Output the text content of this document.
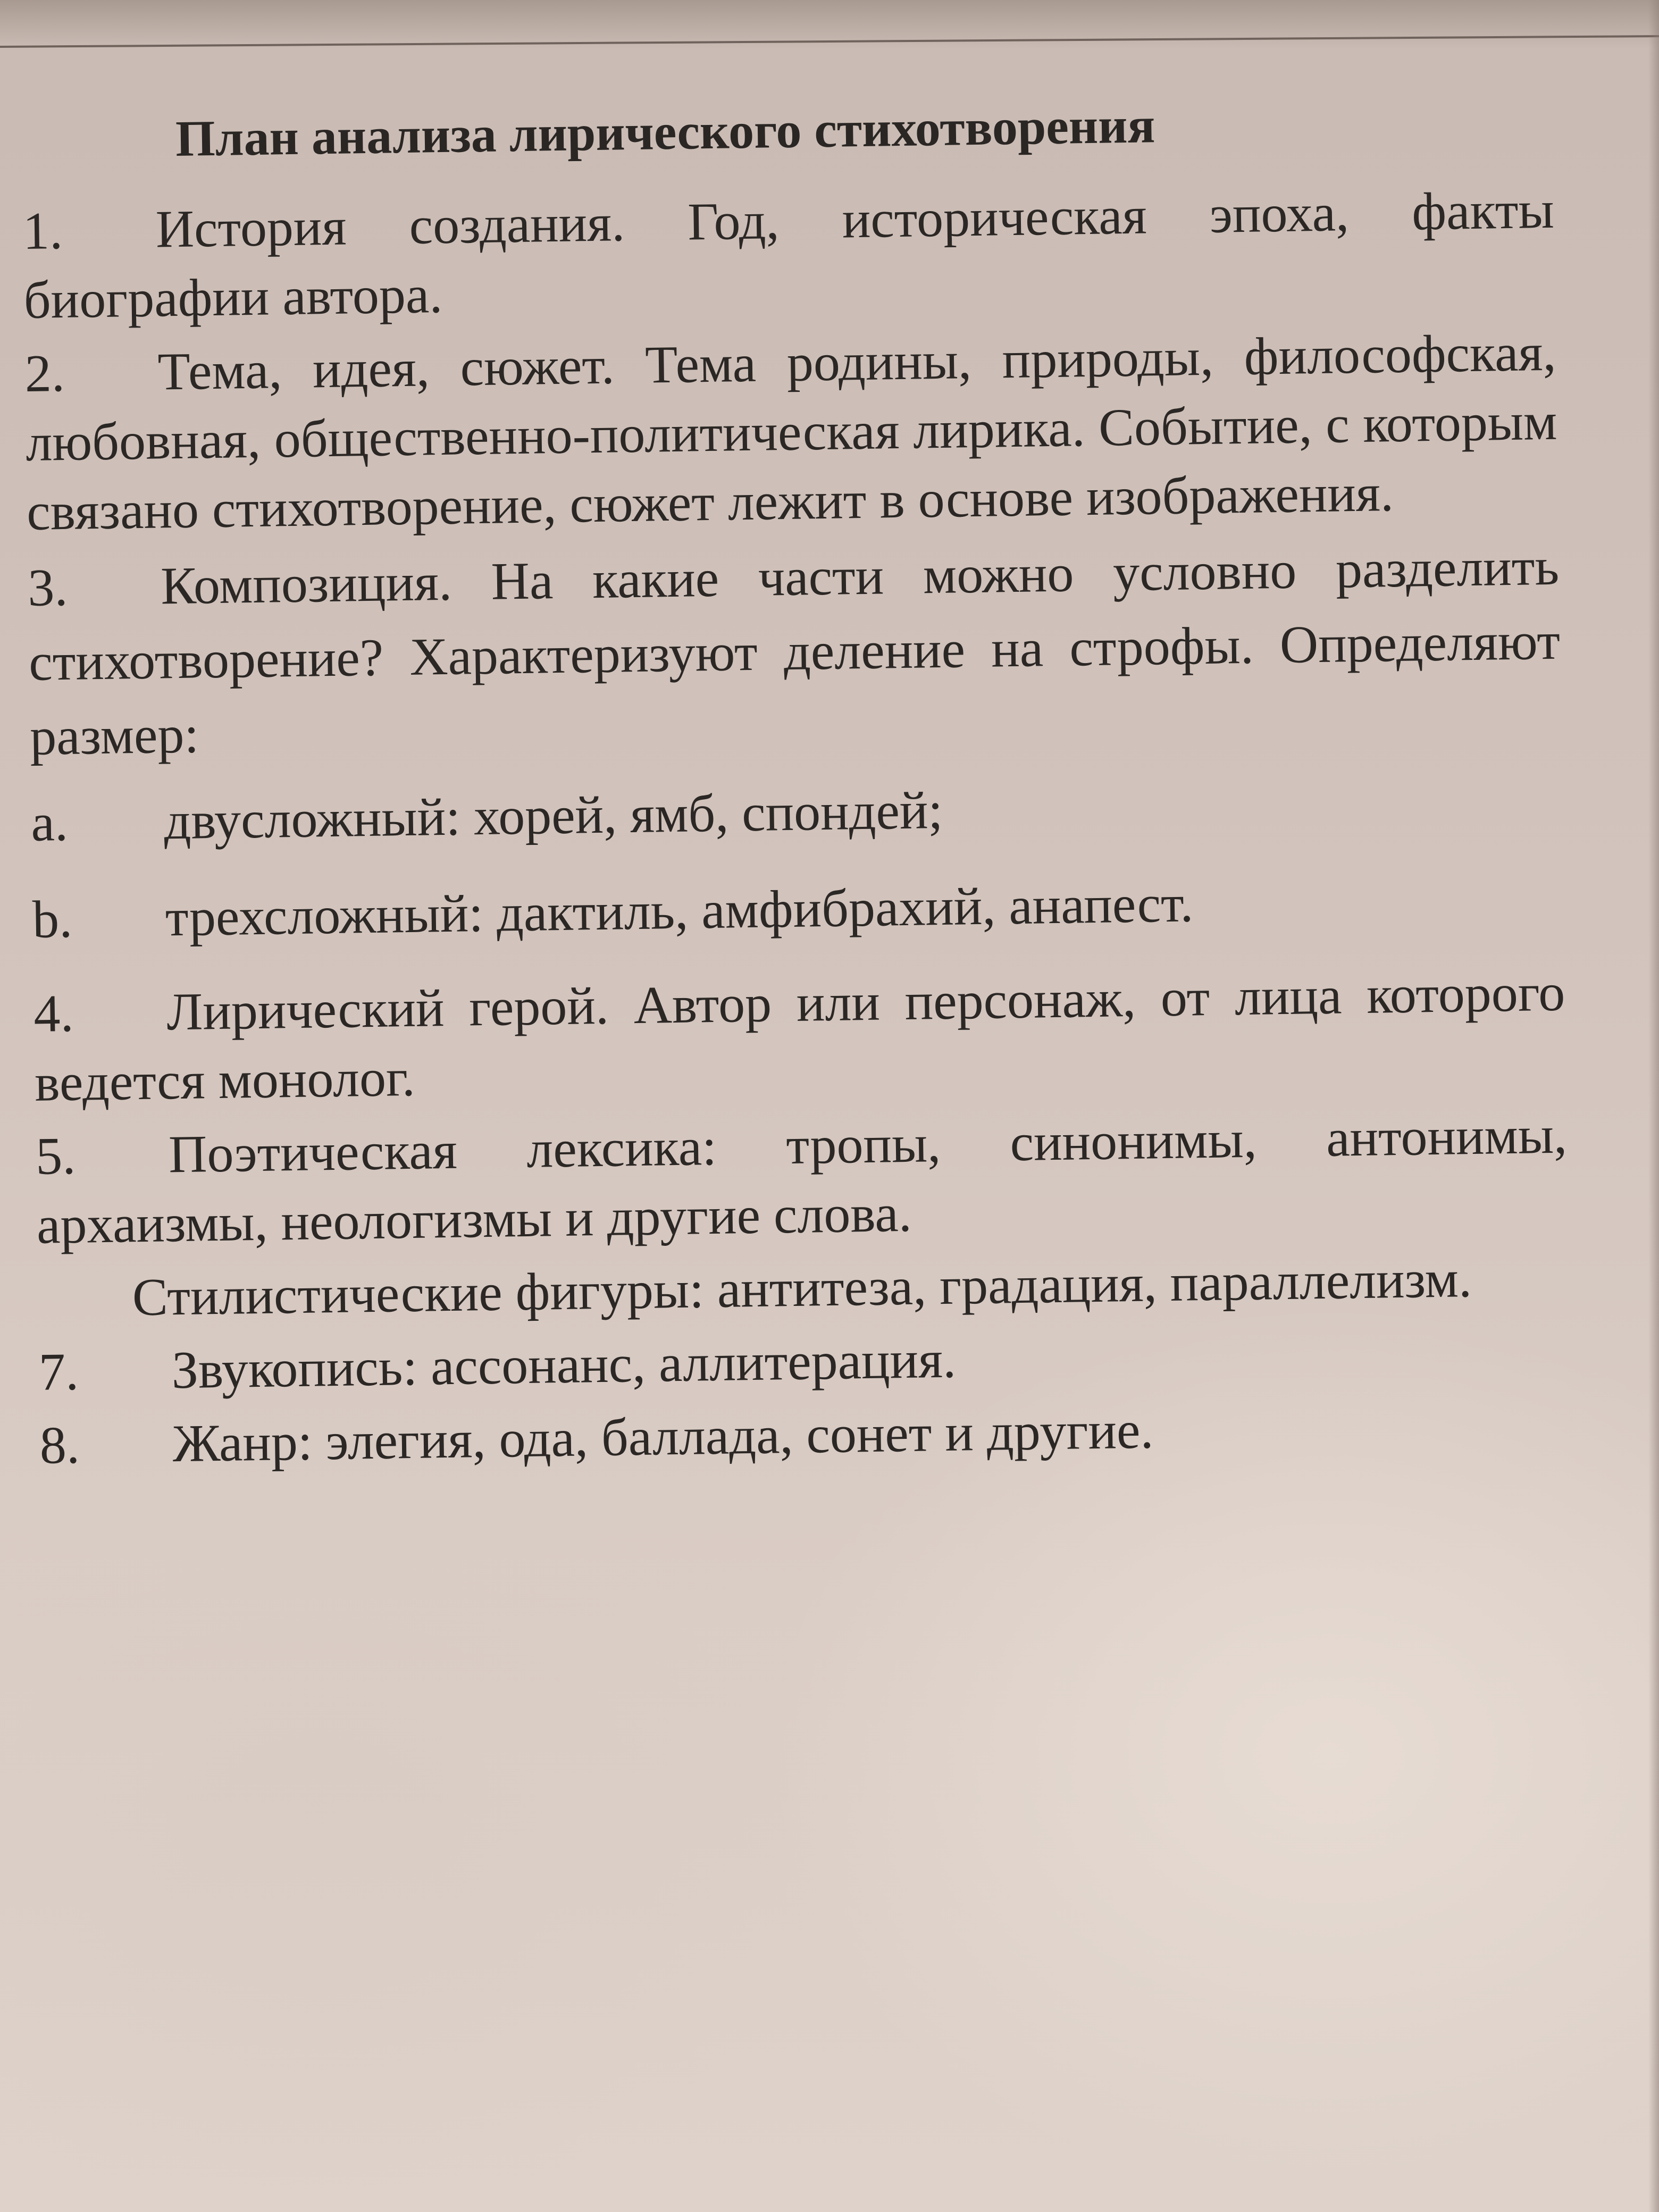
План анализа лирического стихотворения
1. История создания. Год, историческая эпоха, факты биографии автора.
2. Тема, идея, сюжет. Тема родины, природы, философская, любовная, общественно-политическая лирика. Событие, с которым связано стихотворение, сюжет лежит в основе изображения.
3. Композиция. На какие части можно условно разделить стихотворение? Характеризуют деление на строфы. Определяют размер:
a. двусложный: хорей, ямб, спондей;
b. трехсложный: дактиль, амфибрахий, анапест.
4. Лирический герой. Автор или персонаж, от лица которого ведется монолог.
5. Поэтическая лексика: тропы, синонимы, антонимы, архаизмы, неологизмы и другие слова.
Стилистические фигуры: антитеза, градация, параллелизм.
7. Звукопись: ассонанс, аллитерация.
8. Жанр: элегия, ода, баллада, сонет и другие.
